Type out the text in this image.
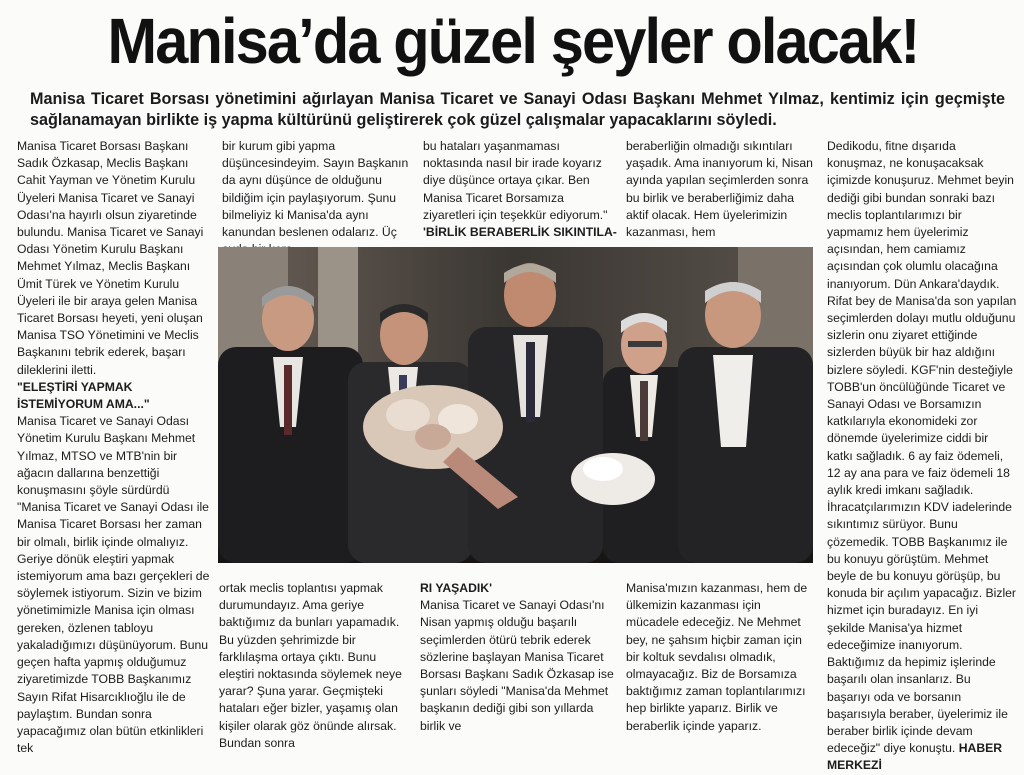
Manisa’da güzel şeyler olacak!

Manisa Ticaret Borsası yönetimini ağırlayan Manisa Ticaret ve Sanayi Odası Başkanı Mehmet Yılmaz, kentimiz için geçmişte sağlanamayan birlikte iş yapma kültürünü geliştirerek çok güzel çalışmalar yapacaklarını söyledi.

Manisa Ticaret Borsası Başkanı Sadık Özkasap, Meclis Başkanı Cahit Yayman ve Yönetim Kurulu Üyeleri Manisa Ticaret ve Sanayi Odası'na hayırlı olsun ziyaretinde bulundu. Manisa Ticaret ve Sanayi Odası Yönetim Kurulu Başkanı Mehmet Yılmaz, Meclis Başkanı Ümit Türek ve Yönetim Kurulu Üyeleri ile bir araya gelen Manisa Ticaret Borsası heyeti, yeni oluşan Manisa TSO Yönetimini ve Meclis Başkanını tebrik ederek, başarı dileklerini iletti.

"ELEŞTİRİ YAPMAK İSTEMİYORUM AMA..."

Manisa Ticaret ve Sanayi Odası Yönetim Kurulu Başkanı Mehmet Yılmaz, MTSO ve MTB'nin bir ağacın dallarına benzettiği konuşmasını şöyle sürdürdü "Manisa Ticaret ve Sanayi Odası ile Manisa Ticaret Borsası her zaman bir olmalı, birlik içinde olmalıyız. Geriye dönük eleştiri yapmak istemiyorum ama bazı gerçekleri de söylemek istiyorum. Sizin ve bizim yönetimimizle Manisa için olması gereken, özlenen tabloyu yakaladığımızı düşünüyorum. Bunu geçen hafta yapmış olduğumuz ziyaretimizde TOBB Başkanımız Sayın Rifat Hisarcıklıoğlu ile de paylaştım. Bundan sonra yapacağımız olan bütün etkinlikleri tek

bir kurum gibi yapma düşüncesindeyim. Sayın Başkanın da aynı düşünce de olduğunu bildiğim için paylaşıyorum. Şunu bilmeliyiz ki Manisa'da aynı kanundan beslenen odalarız. Üç

bu hataları yaşanmaması noktasında nasıl bir irade koyarız diye düşünce ortaya çıkar. Ben Manisa Ticaret Borsamıza ziyaretleri için teşekkür ediyorum."

'BİRLİK BERABERLİK SIKINTILA-

beraberliğin olmadığı sıkıntıları yaşadık. Ama inanıyorum ki, Nisan ayında yapılan seçimlerden sonra bu birlik ve beraberliğimiz daha aktif olacak. Hem üyelerimizin kazanması, hem

ortak meclis toplantısı yapmak durumundayız. Ama geriye baktığımız da bunları yapamadık. Bu yüzden şehrimizde bir farklılaşma ortaya çıktı. Bunu eleştiri noktasında söylemek neye yarar? Şuna yarar. Geçmişteki hataları eğer bizler, yaşamış olan kişiler olarak göz önünde alırsak. Bundan sonra

RI YAŞADIK'

Manisa Ticaret ve Sanayi Odası'nı Nisan yapmış olduğu başarılı seçimlerden ötürü tebrik ederek sözlerine başlayan Manisa Ticaret Borsası Başkanı Sadık Özkasap ise şunları söyledi "Manisa'da Mehmet başkanın dediği gibi son yıllarda birlik ve

Manisa'mızın kazanması, hem de ülkemizin kazanması için mücadele edeceğiz. Ne Mehmet bey, ne şahsım hiçbir zaman için bir koltuk sevdalısı olmadık, olmayacağız. Biz de Borsamıza baktığımız zaman toplantılarımızı hep birlikte yaparız. Birlik ve beraberlik içinde yaparız.

Dedikodu, fitne dışarıda konuşmaz, ne konuşacaksak içimizde konuşuruz. Mehmet beyin dediği gibi bundan sonraki bazı meclis toplantılarımızı bir yapmamız hem üyelerimiz açısından, hem camiamız açısından çok olumlu olacağına inanıyorum. Dün Ankara'daydık. Rifat bey de Manisa'da son yapılan seçimlerden dolayı mutlu olduğunu sizlerin onu ziyaret ettiğinde sizlerden büyük bir haz aldığını bizlere söyledi. KGF'nin desteğiyle TOBB'un öncülüğünde Ticaret ve Sanayi Odası ve Borsamızın katkılarıyla ekonomideki zor dönemde üyelerimize ciddi bir katkı sağladık. 6 ay faiz ödemeli, 12 ay ana para ve faiz ödemeli 18 aylık kredi imkanı sağladık. İhracatçılarımızın KDV iadelerinde sıkıntımız sürüyor. Bunu çözemedik. TOBB Başkanımız ile bu konuyu görüştüm. Mehmet beyle de bu konuyu görüşüp, bu konuda bir açılım yapacağız. Bizler hizmet için buradayız. En iyi şekilde Manisa'ya hizmet edeceğimize inanıyorum. Baktığımız da hepimiz işlerinde başarılı olan insanlarız. Bu başarıyı oda ve borsanın başarısıyla beraber, üyelerimiz ile beraber birlik içinde devam edeceğiz" diye konuştu. HABER MERKEZİ
